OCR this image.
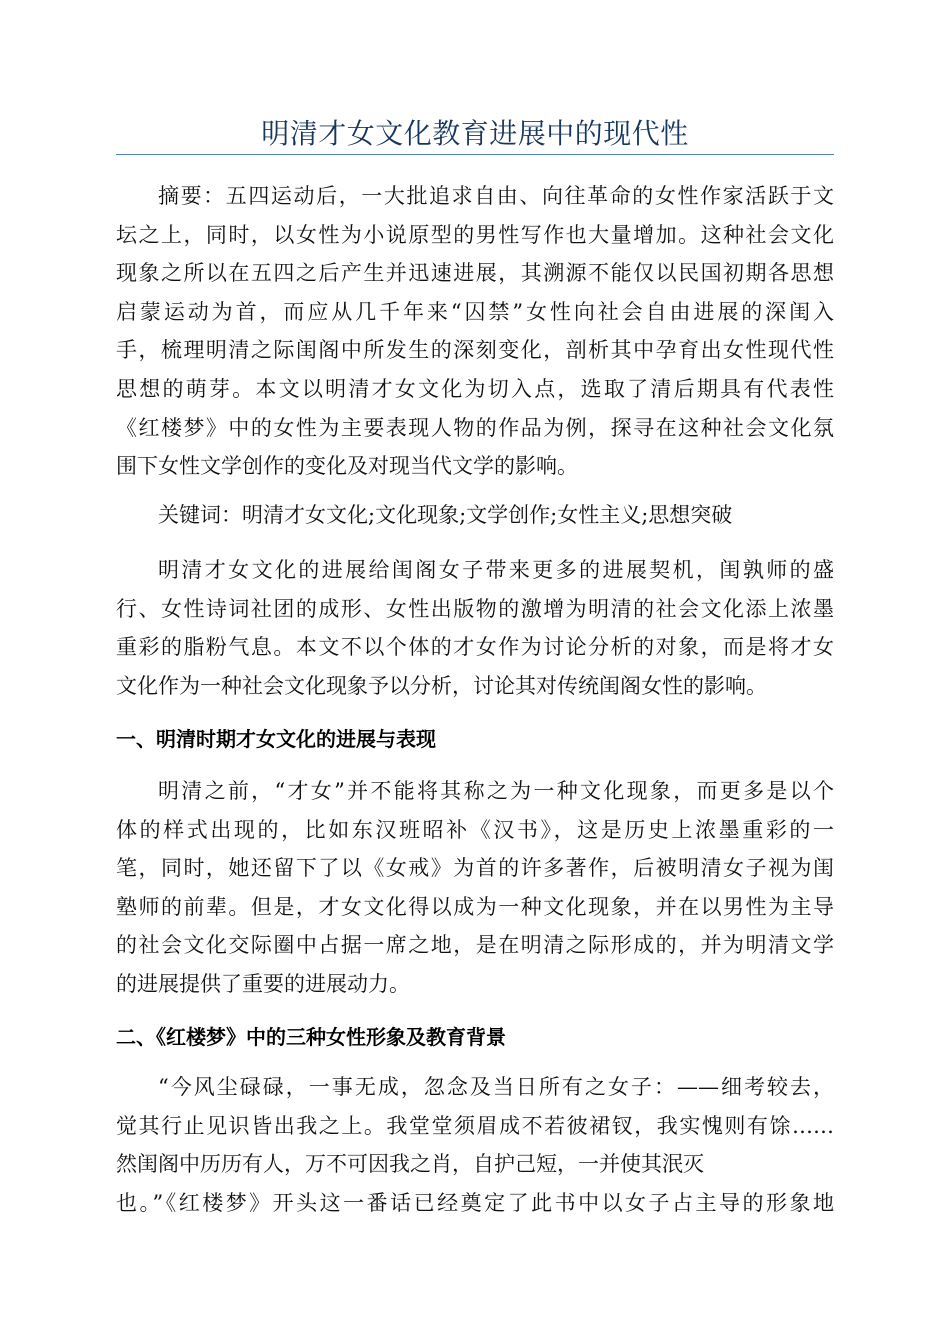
明清才女文化教育进展中的现代性
摘要：五四运动后，一大批追求自由、向往革命的女性作家活跃于文
坛之上，同时，以女性为小说原型的男性写作也大量增加。这种社会文化
现象之所以在五四之后产生并迅速进展，其溯源不能仅以民国初期各思想
启蒙运动为首，而应从几千年来“囚禁”女性向社会自由进展的深闺入
手，梳理明清之际闺阁中所发生的深刻变化，剖析其中孕育出女性现代性
思想的萌芽。本文以明清才女文化为切入点，选取了清后期具有代表性
《红楼梦》中的女性为主要表现人物的作品为例，探寻在这种社会文化氛
围下女性文学创作的变化及对现当代文学的影响。
关键词：明清才女文化;文化现象;文学创作;女性主义;思想突破
明清才女文化的进展给闺阁女子带来更多的进展契机，闺孰师的盛
行、女性诗词社团的成形、女性出版物的激增为明清的社会文化添上浓墨
重彩的脂粉气息。本文不以个体的才女作为讨论分析的对象，而是将才女
文化作为一种社会文化现象予以分析，讨论其对传统闺阁女性的影响。
一、明清时期才女文化的进展与表现
明清之前，“才女”并不能将其称之为一种文化现象，而更多是以个
体的样式出现的，比如东汉班昭补《汉书》，这是历史上浓墨重彩的一
笔，同时，她还留下了以《女戒》为首的许多著作，后被明清女子视为闺
塾师的前辈。但是，才女文化得以成为一种文化现象，并在以男性为主导
的社会文化交际圈中占据一席之地，是在明清之际形成的，并为明清文学
的进展提供了重要的进展动力。
二、《红楼梦》中的三种女性形象及教育背景
“今风尘碌碌，一事无成，忽念及当日所有之女子：——细考较去，
觉其行止见识皆出我之上。我堂堂须眉成不若彼裙钗，我实愧则有馀……
然闺阁中历历有人，万不可因我之肖，自护己短，一并使其泯灭
也。”《红楼梦》开头这一番话已经奠定了此书中以女子占主导的形象地
